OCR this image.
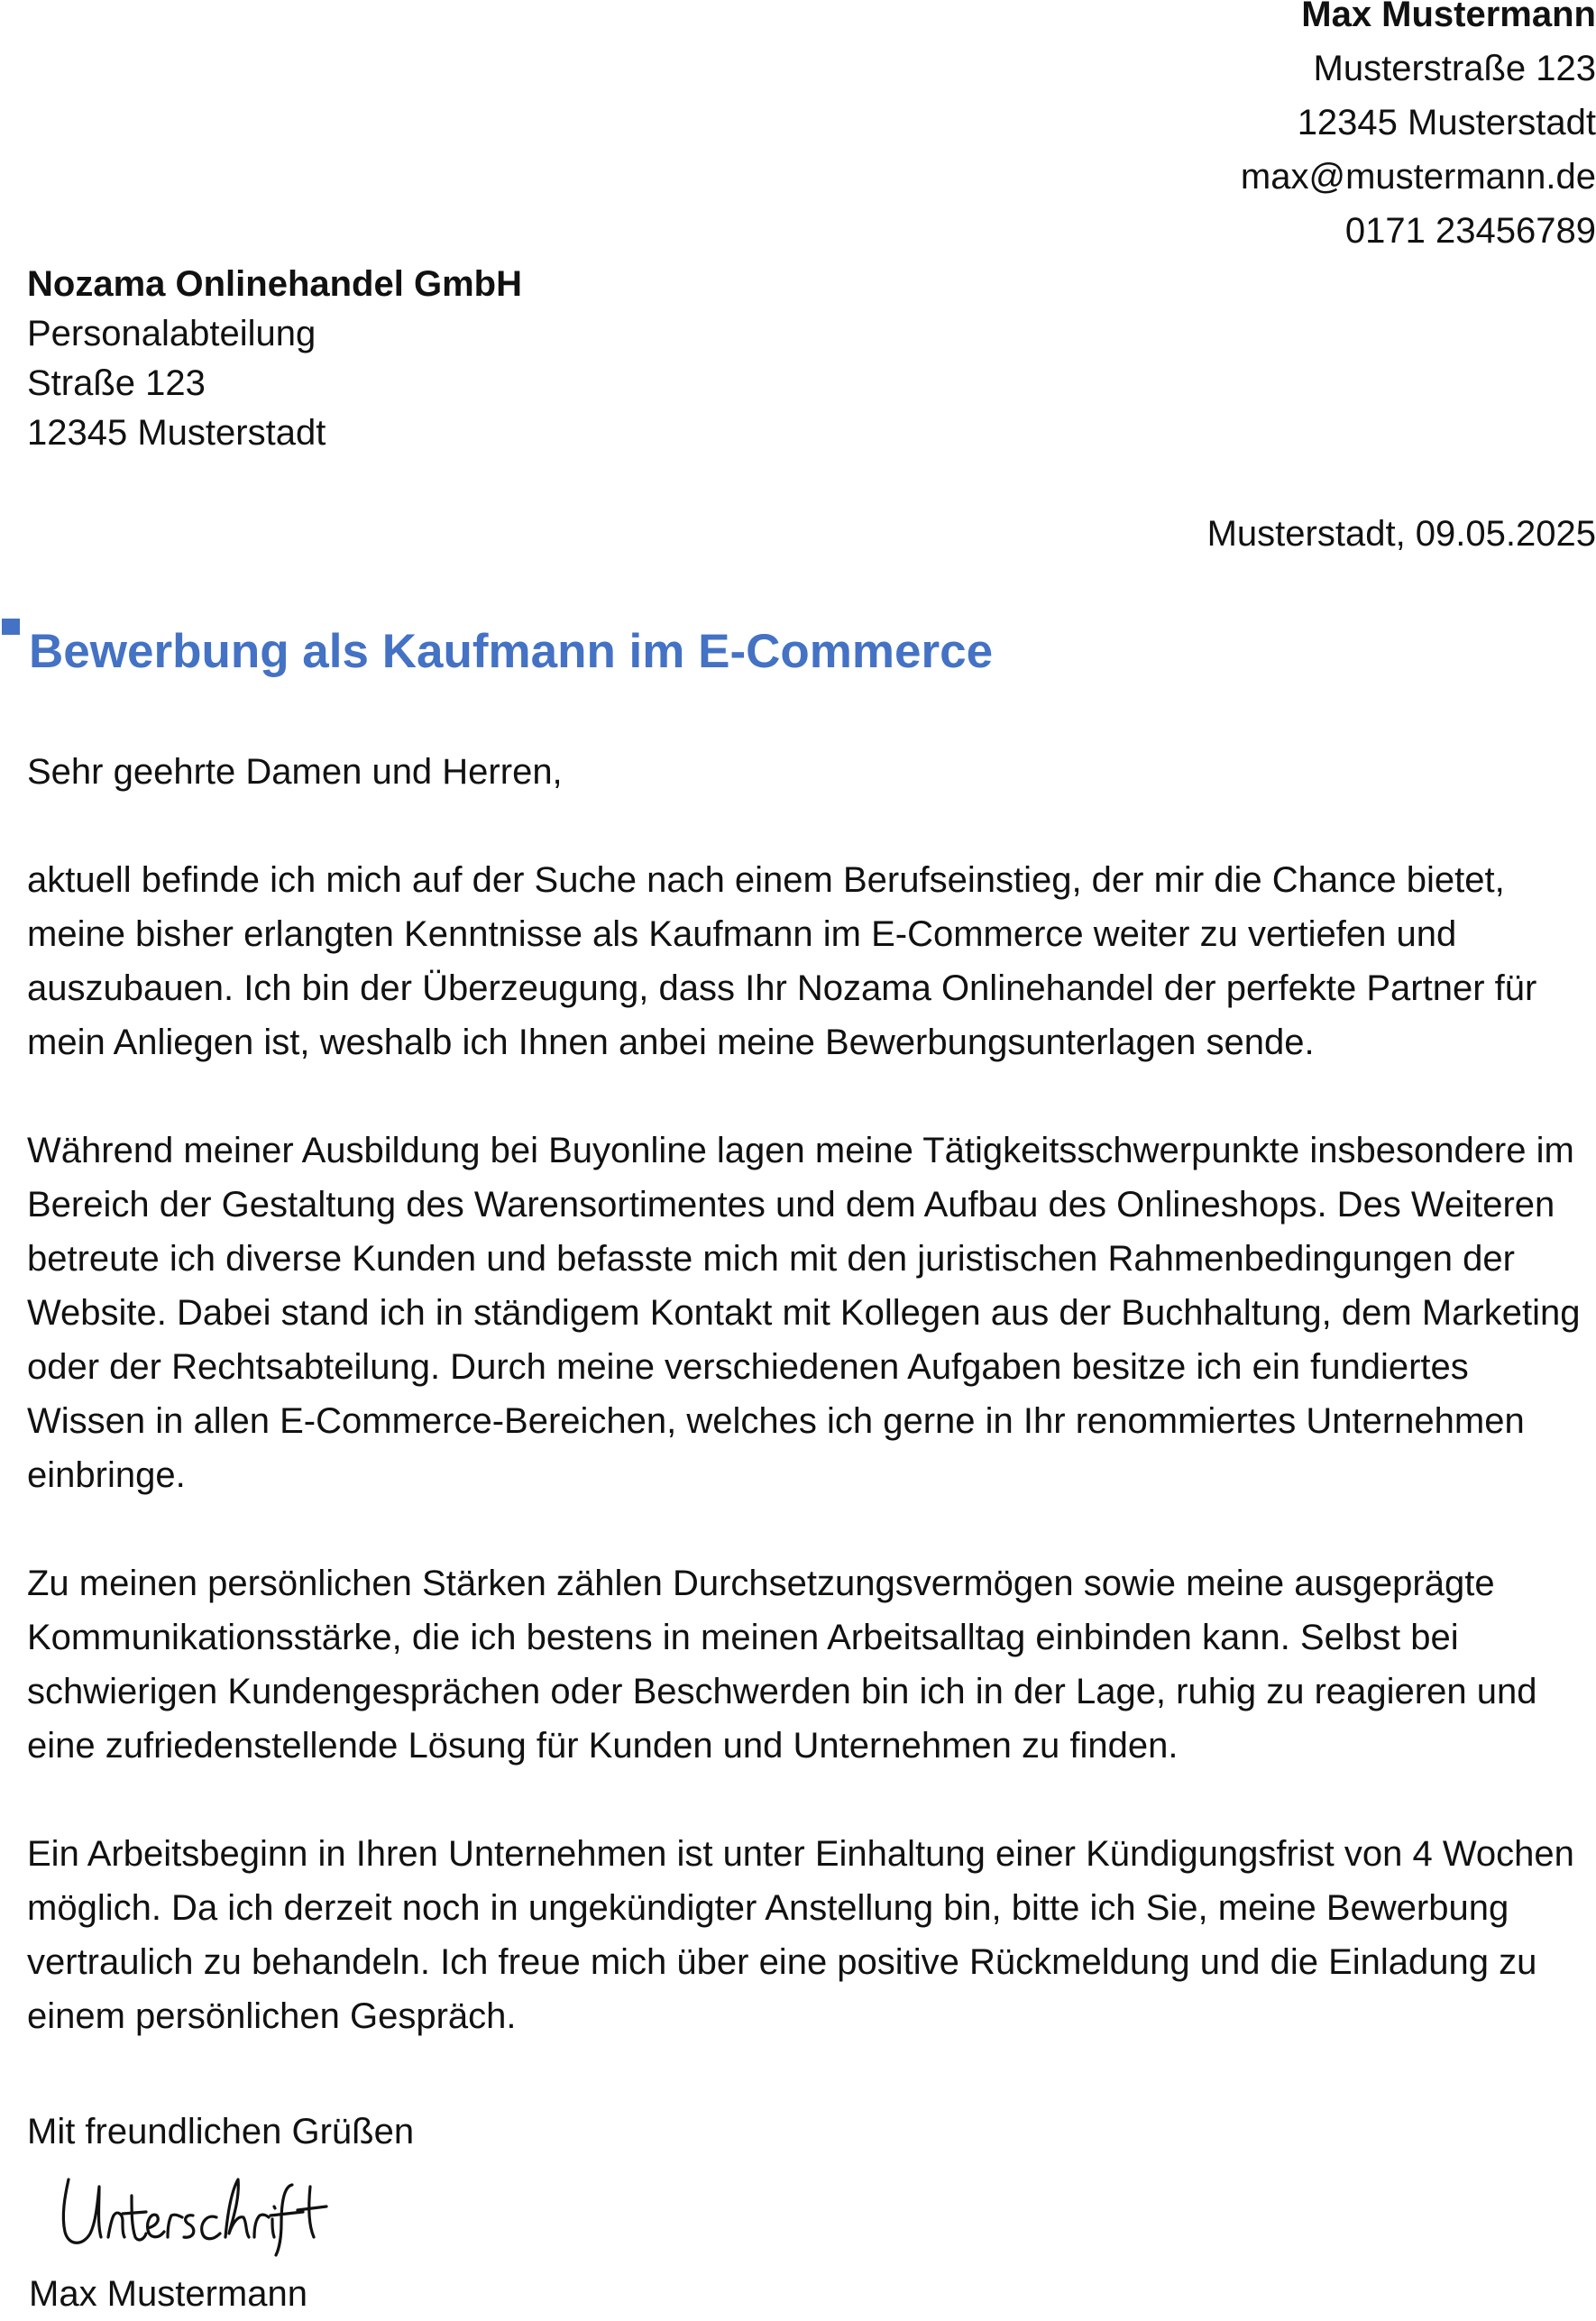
Max Mustermann
Musterstraße 123
12345 Musterstadt
max@mustermann.de
0171 23456789
Nozama Onlinehandel GmbH
Personalabteilung
Straße 123
12345 Musterstadt
Musterstadt, 09.05.2025
Bewerbung als Kaufmann im E-Commerce

Sehr geehrte Damen und Herren,

aktuell befinde ich mich auf der Suche nach einem Berufseinstieg, der mir die Chance bietet, meine bisher erlangten Kenntnisse als Kaufmann im E-Commerce weiter zu vertiefen und auszubauen. Ich bin der Überzeugung, dass Ihr Nozama Onlinehandel der perfekte Partner für mein Anliegen ist, weshalb ich Ihnen anbei meine Bewerbungsunterlagen sende.

Während meiner Ausbildung bei Buyonline lagen meine Tätigkeitsschwerpunkte insbesondere im Bereich der Gestaltung des Warensortimentes und dem Aufbau des Onlineshops. Des Weiteren betreute ich diverse Kunden und befasste mich mit den juristischen Rahmenbedingungen der Website. Dabei stand ich in ständigem Kontakt mit Kollegen aus der Buchhaltung, dem Marketing oder der Rechtsabteilung. Durch meine verschiedenen Aufgaben besitze ich ein fundiertes Wissen in allen E-Commerce-Bereichen, welches ich gerne in Ihr renommiertes Unternehmen einbringe.

Zu meinen persönlichen Stärken zählen Durchsetzungsvermögen sowie meine ausgeprägte Kommunikationsstärke, die ich bestens in meinen Arbeitsalltag einbinden kann. Selbst bei schwierigen Kundengesprächen oder Beschwerden bin ich in der Lage, ruhig zu reagieren und eine zufriedenstellende Lösung für Kunden und Unternehmen zu finden.

Ein Arbeitsbeginn in Ihren Unternehmen ist unter Einhaltung einer Kündigungsfrist von 4 Wochen möglich. Da ich derzeit noch in ungekündigter Anstellung bin, bitte ich Sie, meine Bewerbung vertraulich zu behandeln. Ich freue mich über eine positive Rückmeldung und die Einladung zu einem persönlichen Gespräch.

Mit freundlichen Grüßen
Max Mustermann
